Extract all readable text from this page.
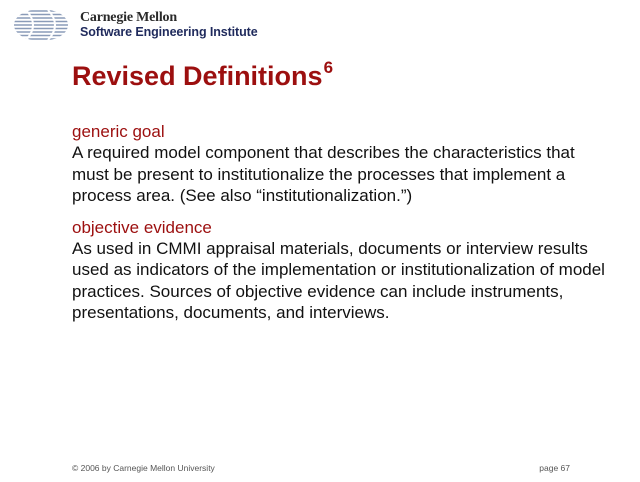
Carnegie Mellon
Software Engineering Institute
Revised Definitions$^6$
generic goal
A required model component that describes the characteristics that must be present to institutionalize the processes that implement a process area. (See also “institutionalization.”)
objective evidence
As used in CMMI appraisal materials, documents or interview results used as indicators of the implementation or institutionalization of model practices. Sources of objective evidence can include instruments, presentations, documents, and interviews.
© 2006 by Carnegie Mellon University	page 67
